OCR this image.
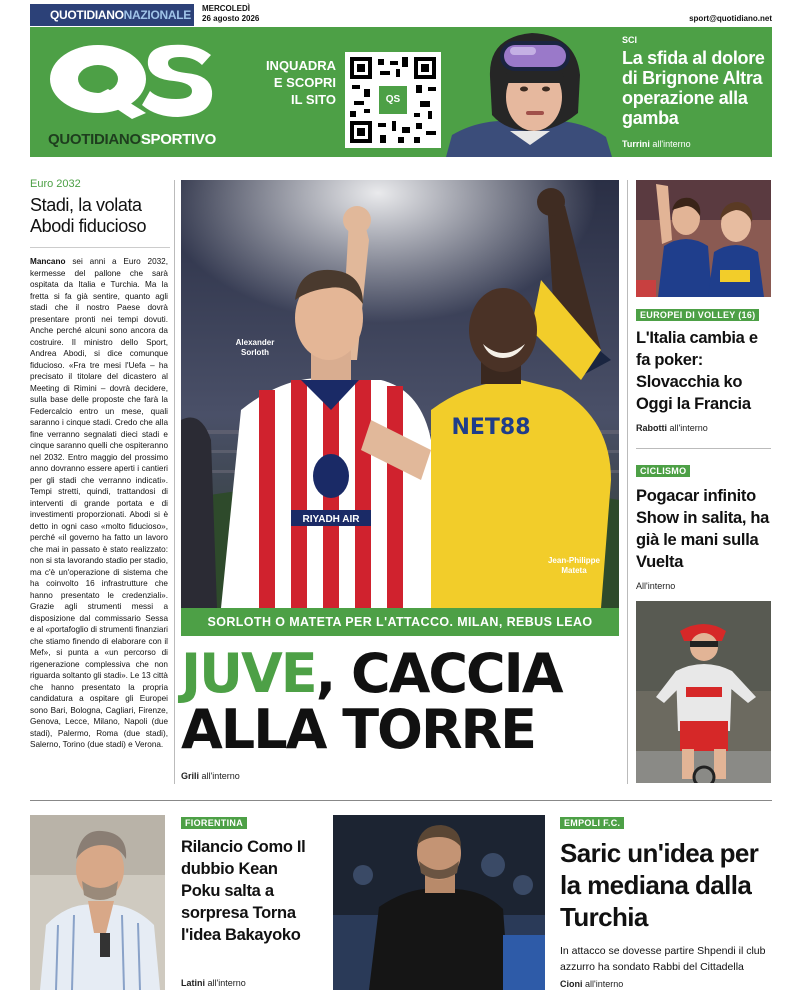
QUOTIDIANONAZIONALE	MERCOLEDÌ
26 agosto 2026	sport@quotidiano.net
QUOTIDIANOSPORTIVO
INQUADRA
E SCOPRI
IL SITO	QS
SCI
La sfida al dolore di Brignone Altra operazione alla gamba
Turrini all'interno
Euro 2032
Stadi, la volata Abodi fiducioso
Mancano sei anni a Euro 2032, kermesse del pallone che sarà ospitata da Italia e Turchia. Ma la fretta si fa già sentire, quanto agli stadi che il nostro Paese dovrà presentare pronti nei tempi dovuti. Anche perché alcuni sono ancora da costruire. Il ministro dello Sport, Andrea Abodi, si dice comunque fiducioso. «Fra tre mesi l'Uefa – ha precisato il titolare del dicastero al Meeting di Rimini – dovrà decidere, sulla base delle proposte che farà la Federcalcio entro un mese, quali saranno i cinque stadi. Credo che alla fine verranno segnalati dieci stadi e cinque saranno quelli che ospiteranno nel 2032. Entro maggio del prossimo anno dovranno essere aperti i cantieri per gli stadi che verranno indicati». Tempi stretti, quindi, trattandosi di interventi di grande portata e di investimenti proporzionati. Abodi si è detto in ogni caso «molto fiducioso», perché «il governo ha fatto un lavoro che mai in passato è stato realizzato: non si sta lavorando stadio per stadio, ma c'è un'operazione di sistema che ha coinvolto 16 infrastrutture che hanno presentato le credenziali». Grazie agli strumenti messi a disposizione dal commissario Sessa e al «portafoglio di strumenti finanziari che stiamo finendo di elaborare con il Mef», si punta a «un percorso di rigenerazione complessiva che non riguarda soltanto gli stadi». Le 13 città che hanno presentato la propria candidatura a ospitare gli Europei sono Bari, Bologna, Cagliari, Firenze, Genova, Lecce, Milano, Napoli (due stadi), Palermo, Roma (due stadi), Salerno, Torino (due stadi) e Verona.
RIYADH AIR
NET88
Alexander Sorloth
Jean-Philippe Mateta
SORLOTH O MATETA PER L'ATTACCO. MILAN, REBUS LEAO
JUVE, CACCIA
ALLA TORRE
Grili all'interno
EUROPEI DI VOLLEY (16)
L'Italia cambia e fa poker: Slovacchia ko Oggi la Francia
Rabotti all'interno
CICLISMO
Pogacar infinito Show in salita, ha già le mani sulla Vuelta
All'interno
FIORENTINA
Rilancio Como Il dubbio Kean Poku salta a sorpresa Torna l'idea Bakayoko
Latini all'interno
EMPOLI F.C.
Saric un'idea per la mediana dalla Turchia
In attacco se dovesse partire Shpendi il club azzurro ha sondato Rabbi del Cittadella
Cioni all'interno
